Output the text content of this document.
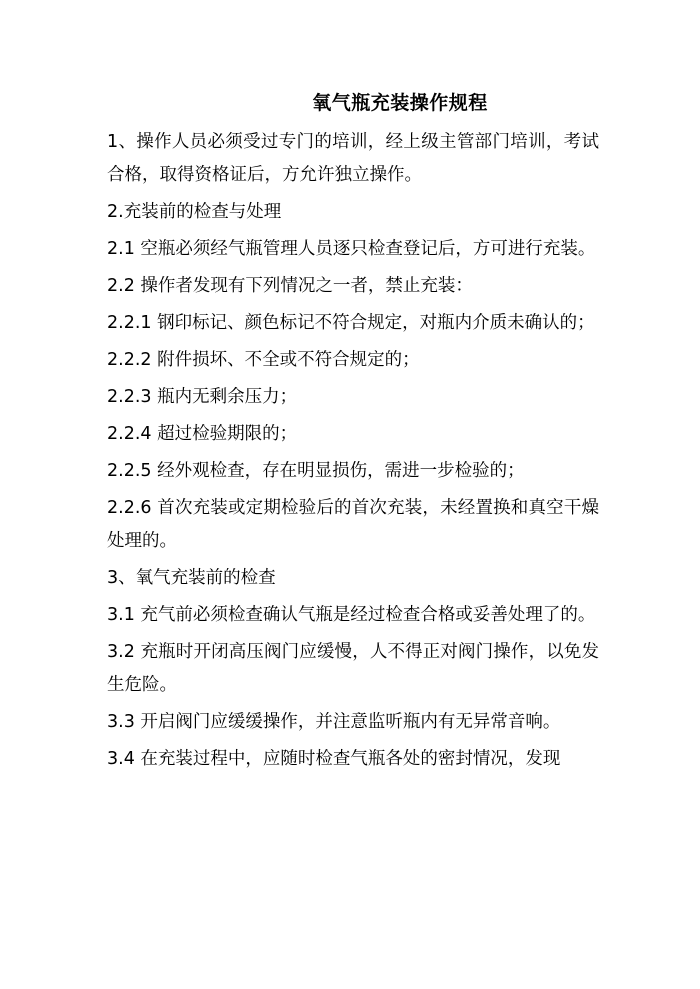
氧气瓶充装操作规程

1、操作人员必须受过专门的培训，经上级主管部门培训，考试合格，取得资格证后，方允许独立操作。

2.充装前的检查与处理

2.1 空瓶必须经气瓶管理人员逐只检查登记后，方可进行充装。

2.2 操作者发现有下列情况之一者，禁止充装：

2.2.1 钢印标记、颜色标记不符合规定，对瓶内介质未确认的；

2.2.2 附件损坏、不全或不符合规定的；

2.2.3 瓶内无剩余压力；

2.2.4 超过检验期限的；

2.2.5 经外观检查，存在明显损伤，需进一步检验的；

2.2.6 首次充装或定期检验后的首次充装，未经置换和真空干燥处理的。

3、氧气充装前的检查

3.1 充气前必须检查确认气瓶是经过检查合格或妥善处理了的。

3.2 充瓶时开闭高压阀门应缓慢，人不得正对阀门操作，以免发生危险。

3.3 开启阀门应缓缓操作，并注意监听瓶内有无异常音响。

3.4 在充装过程中，应随时检查气瓶各处的密封情况，发现
